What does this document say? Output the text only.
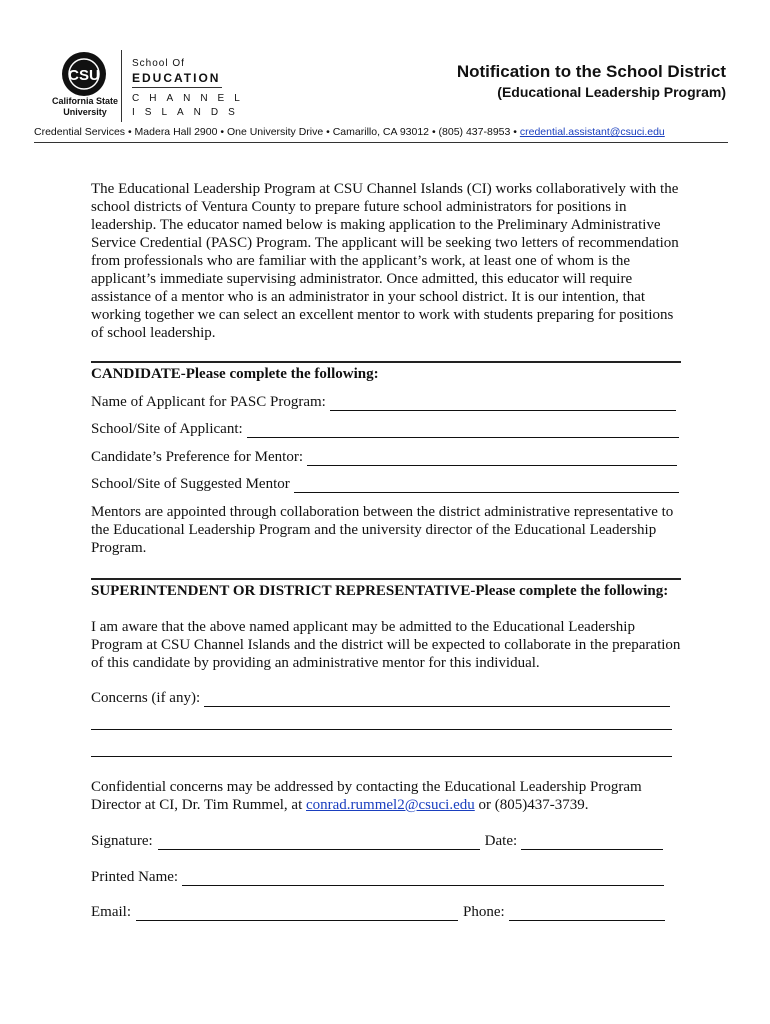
CSU
California State
University
School Of
EDUCATION
CHANNEL
ISLANDS
Notification to the School District
(Educational Leadership Program)
Credential Services • Madera Hall 2900 • One University Drive • Camarillo, CA 93012 • (805) 437-8953 • credential.assistant@csuci.edu
The Educational Leadership Program at CSU Channel Islands (CI) works collaboratively with the school districts of Ventura County to prepare future school administrators for positions in leadership. The educator named below is making application to the Preliminary Administrative Service Credential (PASC) Program. The applicant will be seeking two letters of recommendation from professionals who are familiar with the applicant’s work, at least one of whom is the applicant’s immediate supervising administrator. Once admitted, this educator will require assistance of a mentor who is an administrator in your school district. It is our intention, that working together we can select an excellent mentor to work with students preparing for positions of school leadership.
CANDIDATE-Please complete the following:
Name of Applicant for PASC Program:
School/Site of Applicant:
Candidate’s Preference for Mentor:
School/Site of Suggested Mentor
Mentors are appointed through collaboration between the district administrative representative to the Educational Leadership Program and the university director of the Educational Leadership Program.
SUPERINTENDENT OR DISTRICT REPRESENTATIVE-Please complete the following:
I am aware that the above named applicant may be admitted to the Educational Leadership Program at CSU Channel Islands and the district will be expected to collaborate in the preparation of this candidate by providing an administrative mentor for this individual.
Concerns (if any):
Confidential concerns may be addressed by contacting the Educational Leadership Program Director at CI, Dr. Tim Rummel, at conrad.rummel2@csuci.edu or (805)437-3739.
Signature:	Date:
Printed Name:
Email:	Phone:
